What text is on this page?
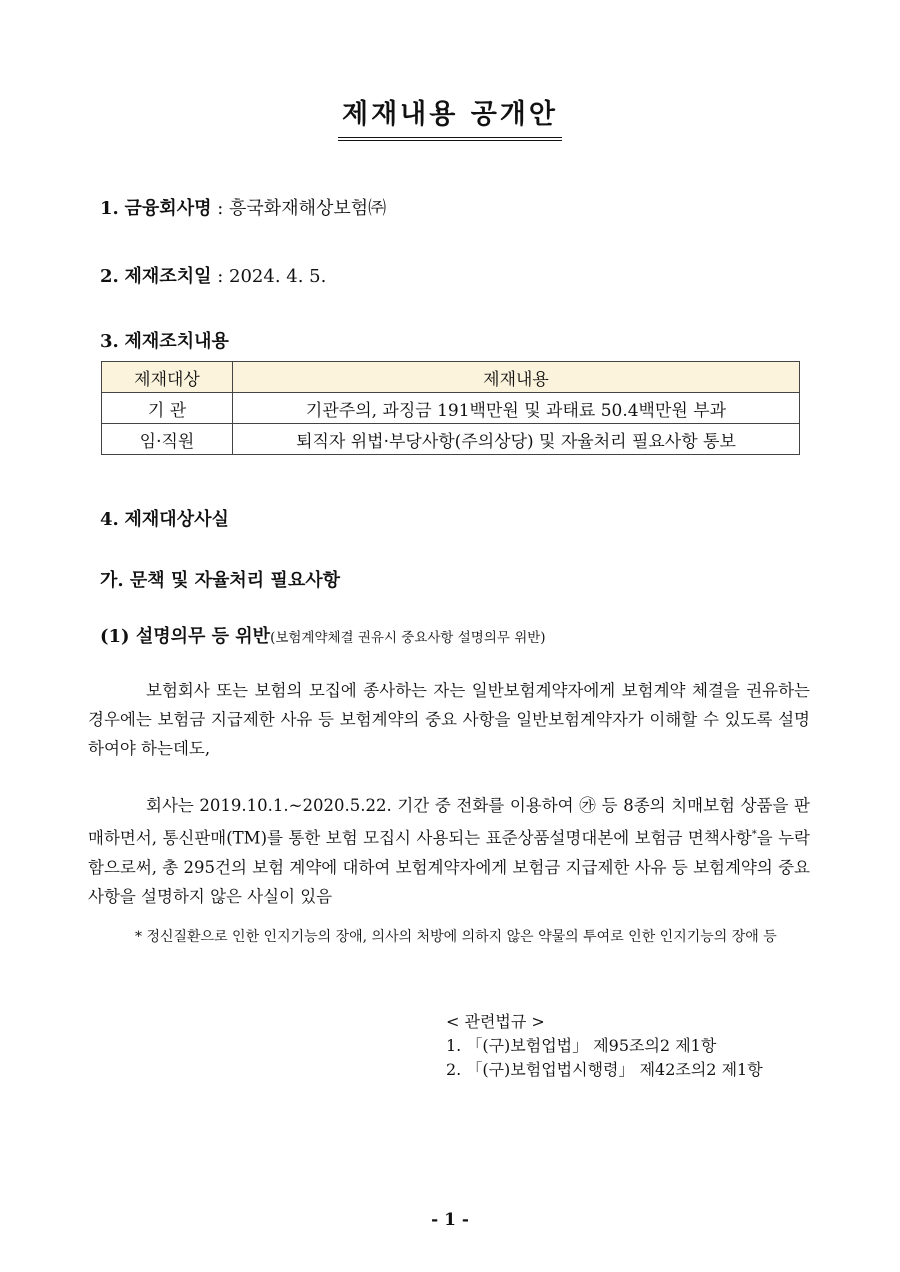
제재내용 공개안
1. 금융회사명 : 흥국화재해상보험㈜
2. 제재조치일 : 2024. 4. 5.
3. 제재조치내용
제재대상	제재내용
기 관	기관주의, 과징금 191백만원 및 과태료 50.4백만원 부과
임·직원	퇴직자 위법·부당사항(주의상당) 및 자율처리 필요사항 통보
4. 제재대상사실
가. 문책 및 자율처리 필요사항
(1) 설명의무 등 위반(보험계약체결 권유시 중요사항 설명의무 위반)

보험회사 또는 보험의 모집에 종사하는 자는 일반보험계약자에게 보험계약 체결을 권유하는 경우에는 보험금 지급제한 사유 등 보험계약의 중요 사항을 일반보험계약자가 이해할 수 있도록 설명하여야 하는데도,

회사는 2019.10.1.~2020.5.22. 기간 중 전화를 이용하여 ㉮ 등 8종의 치매보험 상품을 판매하면서, 통신판매(TM)를 통한 보험 모집시 사용되는 표준상품설명대본에 보험금 면책사항*을 누락함으로써, 총 295건의 보험 계약에 대하여 보험계약자에게 보험금 지급제한 사유 등 보험계약의 중요 사항을 설명하지 않은 사실이 있음

* 정신질환으로 인한 인지기능의 장애, 의사의 처방에 의하지 않은 약물의 투여로 인한 인지기능의 장애 등

< 관련법규 >
1. 「(구)보험업법」 제95조의2 제1항
2. 「(구)보험업법시행령」 제42조의2 제1항
- 1 -
